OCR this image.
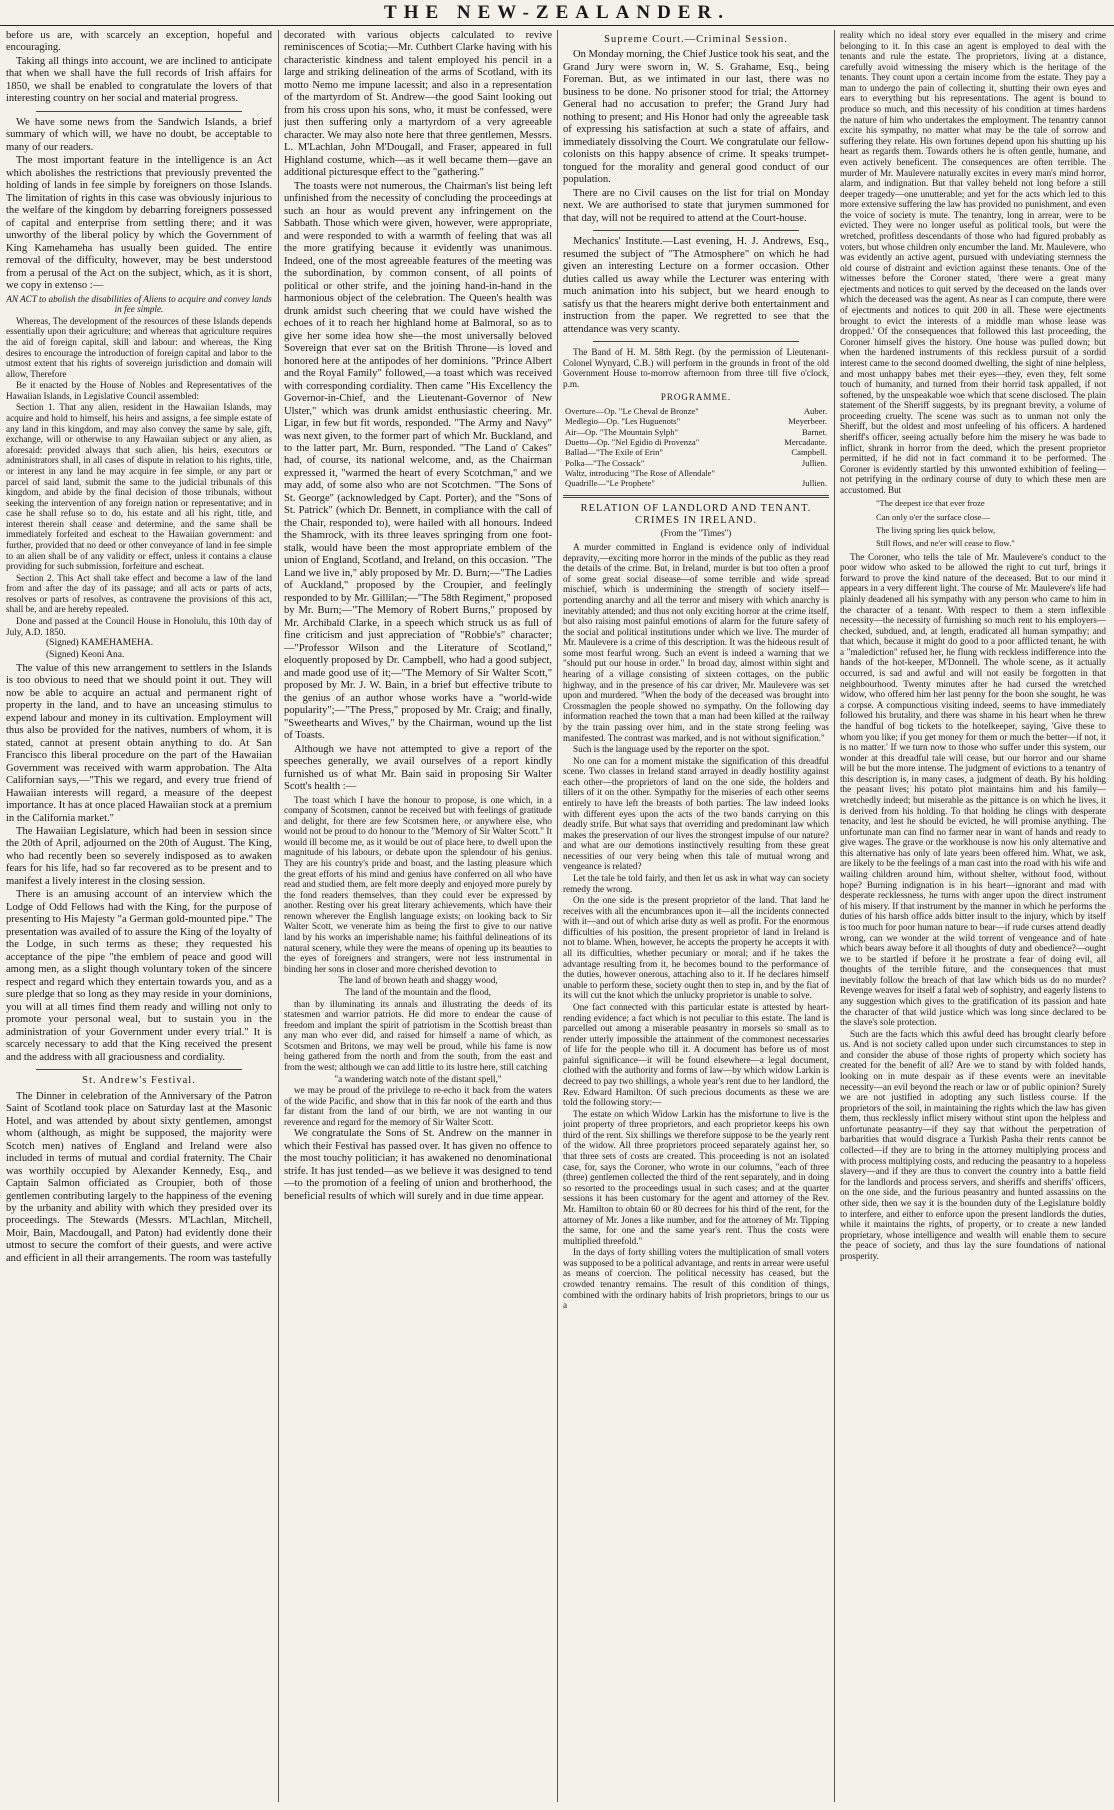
THE NEW-ZEALANDER.

before us are, with scarcely an exception, hopeful and encouraging.

Taking all things into account, we are inclined to anticipate that when we shall have the full records of Irish affairs for 1850, we shall be enabled to congratulate the lovers of that interesting country on her social and material progress.

We have some news from the Sandwich Islands, a brief summary of which will, we have no doubt, be acceptable to many of our readers.

The most important feature in the intelligence is an Act which abolishes the restrictions that previously prevented the holding of lands in fee simple by foreigners on those Islands. The limitation of rights in this case was obviously injurious to the welfare of the kingdom by debarring foreigners possessed of capital and enterprise from settling there; and it was unworthy of the liberal policy by which the Government of King Kamehameha has usually been guided. The entire removal of the difficulty, however, may be best understood from a perusal of the Act on the subject, which, as it is short, we copy in extenso :—

AN ACT to abolish the disabilities of Aliens to acquire and convey lands in fee simple.

Whereas, The development of the resources of these Islands depends essentially upon their agriculture; and whereas that agriculture requires the aid of foreign capital, skill and labour: and whereas, the King desires to encourage the introduction of foreign capital and labor to the utmost extent that his rights of sovereign jurisdiction and domain will allow, Therefore

Be it enacted by the House of Nobles and Representatives of the Hawaiian Islands, in Legislative Council assembled:

Section 1. That any alien, resident in the Hawaiian Islands, may acquire and hold to himself, his heirs and assigns, a fee simple estate of any land in this kingdom, and may also convey the same by sale, gift, exchange, will or otherwise to any Hawaiian subject or any alien, as aforesaid: provided always that such alien, his heirs, executors or administrators shall, in all cases of dispute in relation to his rights, title, or interest in any land he may acquire in fee simple, or any part or parcel of said land, submit the same to the judicial tribunals of this kingdom, and abide by the final decision of those tribunals, without seeking the intervention of any foreign nation or representative; and in case he shall refuse so to do, his estate and all his right, title, and interest therein shall cease and determine, and the same shall be immediately forfeited and escheat to the Hawaiian government: and further, provided that no deed or other conveyance of land in fee simple to an alien shall be of any validity or effect, unless it contains a clause providing for such submission, forfeiture and escheat.

Section 2. This Act shall take effect and become a law of the land from and after the day of its passage; and all acts or parts of acts, resolves or parts of resolves, as contravene the provisions of this act, shall be, and are hereby repealed.

Done and passed at the Council House in Honolulu, this 10th day of July, A.D. 1850.

(Signed) KAMEHAMEHA.

(Signed) Keoni Ana.

The value of this new arrangement to settlers in the Islands is too obvious to need that we should point it out. They will now be able to acquire an actual and permanent right of property in the land, and to have an unceasing stimulus to expend labour and money in its cultivation. Employment will thus also be provided for the natives, numbers of whom, it is stated, cannot at present obtain anything to do. At San Francisco this liberal procedure on the part of the Hawaiian Government was received with warm approbation. The Alta Californian says,—"This we regard, and every true friend of Hawaiian interests will regard, a measure of the deepest importance. It has at once placed Hawaiian stock at a premium in the California market."

The Hawaiian Legislature, which had been in session since the 20th of April, adjourned on the 20th of August. The King, who had recently been so severely indisposed as to awaken fears for his life, had so far recovered as to be present and to manifest a lively interest in the closing session.

There is an amusing account of an interview which the Lodge of Odd Fellows had with the King, for the purpose of presenting to His Majesty "a German gold-mounted pipe." The presentation was availed of to assure the King of the loyalty of the Lodge, in such terms as these; they requested his acceptance of the pipe "the emblem of peace and good will among men, as a slight though voluntary token of the sincere respect and regard which they entertain towards you, and as a sure pledge that so long as they may reside in your dominions, you will at all times find them ready and willing not only to promote your personal weal, but to sustain you in the administration of your Government under every trial." It is scarcely necessary to add that the King received the present and the address with all graciousness and cordiality.

St. Andrew's Festival.

The Dinner in celebration of the Anniversary of the Patron Saint of Scotland took place on Saturday last at the Masonic Hotel, and was attended by about sixty gentlemen, amongst whom (although, as might be supposed, the majority were Scotch men) natives of England and Ireland were also included in terms of mutual and cordial fraternity. The Chair was worthily occupied by Alexander Kennedy, Esq., and Captain Salmon officiated as Croupier, both of those gentlemen contributing largely to the happiness of the evening by the urbanity and ability with which they presided over its proceedings. The Stewards (Messrs. M'Lachlan, Mitchell, Moir, Bain, Macdougall, and Paton) had evidently done their utmost to secure the comfort of their guests, and were active and efficient in all their arrangements. The room was tastefully

decorated with various objects calculated to revive reminiscences of Scotia;—Mr. Cuthbert Clarke having with his characteristic kindness and talent employed his pencil in a large and striking delineation of the arms of Scotland, with its motto Nemo me impune lacessit; and also in a representation of the martyrdom of St. Andrew—the good Saint looking out from his cross upon his sons, who, it must be confessed, were just then suffering only a martyrdom of a very agreeable character. We may also note here that three gentlemen, Messrs. L. M'Lachlan, John M'Dougall, and Fraser, appeared in full Highland costume, which—as it well became them—gave an additional picturesque effect to the "gathering."

The toasts were not numerous, the Chairman's list being left unfinished from the necessity of concluding the proceedings at such an hour as would prevent any infringement on the Sabbath. Those which were given, however, were appropriate, and were responded to with a warmth of feeling that was all the more gratifying because it evidently was unanimous. Indeed, one of the most agreeable features of the meeting was the subordination, by common consent, of all points of political or other strife, and the joining hand-in-hand in the harmonious object of the celebration. The Queen's health was drunk amidst such cheering that we could have wished the echoes of it to reach her highland home at Balmoral, so as to give her some idea how she—the most universally beloved Sovereign that ever sat on the British Throne—is loved and honored here at the antipodes of her dominions. "Prince Albert and the Royal Family" followed,—a toast which was received with corresponding cordiality. Then came "His Excellency the Governor-in-Chief, and the Lieutenant-Governor of New Ulster," which was drunk amidst enthusiastic cheering. Mr. Ligar, in few but fit words, responded. "The Army and Navy" was next given, to the former part of which Mr. Buckland, and to the latter part, Mr. Burn, responded. "The Land o' Cakes" had, of course, its national welcome, and, as the Chairman expressed it, "warmed the heart of every Scotchman," and we may add, of some also who are not Scotchmen. "The Sons of St. George" (acknowledged by Capt. Porter), and the "Sons of St. Patrick" (which Dr. Bennett, in compliance with the call of the Chair, responded to), were hailed with all honours. Indeed the Shamrock, with its three leaves springing from one foot-stalk, would have been the most appropriate emblem of the union of England, Scotland, and Ireland, on this occasion. "The Land we live in," ably proposed by Mr. D. Burn;—"The Ladies of Auckland," proposed by the Croupier, and feelingly responded to by Mr. Gillilan;—"The 58th Regiment," proposed by Mr. Burn;—"The Memory of Robert Burns," proposed by Mr. Archibald Clarke, in a speech which struck us as full of fine criticism and just appreciation of "Robbie's" character;—"Professor Wilson and the Literature of Scotland," eloquently proposed by Dr. Campbell, who had a good subject, and made good use of it;—"The Memory of Sir Walter Scott," proposed by Mr. J. W. Bain, in a brief but effective tribute to the genius of an author whose works have a "world-wide popularity";—"The Press," proposed by Mr. Craig; and finally, "Sweethearts and Wives," by the Chairman, wound up the list of Toasts.

Although we have not attempted to give a report of the speeches generally, we avail ourselves of a report kindly furnished us of what Mr. Bain said in proposing Sir Walter Scott's health :—

The toast which I have the honour to propose, is one which, in a company of Scotsmen, cannot be received but with feelings of gratitude and delight, for there are few Scotsmen here, or anywhere else, who would not be proud to do honour to the "Memory of Sir Walter Scott." It would ill become me, as it would be out of place here, to dwell upon the magnitude of his labours, or debate upon the splendour of his genius. They are his country's pride and boast, and the lasting pleasure which the great efforts of his mind and genius have conferred on all who have read and studied them, are felt more deeply and enjoyed more purely by the fond readers themselves, than they could ever be expressed by another. Resting over his great literary achievements, which have their renown wherever the English language exists; on looking back to Sir Walter Scott, we venerate him as being the first to give to our native land by his works an imperishable name; his faithful delineations of its natural scenery, while they were the means of opening up its beauties to the eyes of foreigners and strangers, were not less instrumental in binding her sons in closer and more cherished devotion to

The land of brown heath and shaggy wood,

The land of the mountain and the flood,

than by illuminating its annals and illustrating the deeds of its statesmen and warrior patriots. He did more to endear the cause of freedom and implant the spirit of patriotism in the Scottish breast than any man who ever did, and raised for himself a name of which, as Scotsmen and Britons, we may well be proud, while his fame is now being gathered from the north and from the south, from the east and from the west; although we can add little to its lustre here, still catching

"a wandering watch note of the distant spell,"

we may be proud of the privilege to re-echo it back from the waters of the wide Pacific, and show that in this far nook of the earth and thus far distant from the land of our birth, we are not wanting in our reverence and regard for the memory of Sir Walter Scott.

We congratulate the Sons of St. Andrew on the manner in which their Festival has passed over. It has given no offence to the most touchy politician; it has awakened no denominational strife. It has just tended—as we believe it was designed to tend—to the promotion of a feeling of union and brotherhood, the beneficial results of which will surely and in due time appear.

Supreme Court.—Criminal Session.

On Monday morning, the Chief Justice took his seat, and the Grand Jury were sworn in, W. S. Grahame, Esq., being Foreman. But, as we intimated in our last, there was no business to be done. No prisoner stood for trial; the Attorney General had no accusation to prefer; the Grand Jury had nothing to present; and His Honor had only the agreeable task of expressing his satisfaction at such a state of affairs, and immediately dissolving the Court. We congratulate our fellow-colonists on this happy absence of crime. It speaks trumpet-tongued for the morality and general good conduct of our population.

There are no Civil causes on the list for trial on Monday next. We are authorised to state that jurymen summoned for that day, will not be required to attend at the Court-house.

Mechanics' Institute.—Last evening, H. J. Andrews, Esq., resumed the subject of "The Atmosphere" on which he had given an interesting Lecture on a former occasion. Other duties called us away while the Lecturer was entering with much animation into his subject, but we heard enough to satisfy us that the hearers might derive both entertainment and instruction from the paper. We regretted to see that the attendance was very scanty.

The Band of H. M. 58th Regt. (by the permission of Lieutenant-Colonel Wynyard, C.B.) will perform in the grounds in front of the old Government House to-morrow afternoon from three till five o'clock, p.m.

PROGRAMME.

Overture—Op. "Le Cheval de Bronze"	Auber.
Medlegio—Op. "Les Huguenots"	Meyerbeer.
Air—Op. "The Mountain Sylph"	Barnet.
Duetto—Op. "Nel Egidio di Provenza"	Mercadante.
Ballad—"The Exile of Erin"	Campbell.
Polka—"The Cossack"	Jullien.
Waltz, introducing "The Rose of Allendale"	
Quadrille—"Le Prophete"	Jullien.

RELATION OF LANDLORD AND TENANT. CRIMES IN IRELAND.

(From the "Times")

A murder committed in England is evidence only of individual depravity,—exciting more horror in the minds of the public as they read the details of the crime. But, in Ireland, murder is but too often a proof of some great social disease—of some terrible and wide spread mischief, which is undermining the strength of society itself—portending anarchy and all the terror and misery with which anarchy is inevitably attended; and thus not only exciting horror at the crime itself, but also raising most painful emotions of alarm for the future safety of the social and political institutions under which we live. The murder of Mr. Maulevere is a crime of this description. It was the hideous result of some most fearful wrong. Such an event is indeed a warning that we "should put our house in order." In broad day, almost within sight and hearing of a village consisting of sixteen cottages, on the public highway, and in the presence of his car driver, Mr. Maulevere was set upon and murdered. "When the body of the deceased was brought into Crossmaglen the people showed no sympathy. On the following day information reached the town that a man had been killed at the railway by the train passing over him, and in the state strong feeling was manifested. The contrast was marked, and is not without signification."

Such is the language used by the reporter on the spot.

No one can for a moment mistake the signification of this dreadful scene. Two classes in Ireland stand arrayed in deadly hostility against each other—the proprietors of land on the one side, the holders and tillers of it on the other. Sympathy for the miseries of each other seems entirely to have left the breasts of both parties. The law indeed looks with different eyes upon the acts of the two bands carrying on this deadly strife. But what says that overriding and predominant law which makes the preservation of our lives the strongest impulse of our nature? and what are our demotions instinctively resulting from these great necessities of our very being when this tale of mutual wrong and vengeance is related?

Let the tale be told fairly, and then let us ask in what way can society remedy the wrong.

On the one side is the present proprietor of the land. That land he receives with all the encumbrances upon it—all the incidents connected with it—and out of which arise duty as well as profit. For the enormous difficulties of his position, the present proprietor of land in Ireland is not to blame. When, however, he accepts the property he accepts it with all its difficulties, whether pecuniary or moral; and if he takes the advantage resulting from it, he becomes bound to the performance of the duties, however onerous, attaching also to it. If he declares himself unable to perform these, society ought then to step in, and by the fiat of its will cut the knot which the unlucky proprietor is unable to solve.

One fact connected with this particular estate is attested by heart-rending evidence; a fact which is not peculiar to this estate. The land is parcelled out among a miserable peasantry in morsels so small as to render utterly impossible the attainment of the commonest necessaries of life for the people who till it. A document has before us of most painful significance—it will be found elsewhere—a legal document, clothed with the authority and forms of law—by which widow Larkin is decreed to pay two shillings, a whole year's rent due to her landlord, the Rev. Edward Hamilton. Of such precious documents as these we are told the following story:—

The estate on which Widow Larkin has the misfortune to live is the joint property of three proprietors, and each proprietor keeps his own third of the rent. Six shillings we therefore suppose to be the yearly rent of the widow. All three proprietors proceed separately against her, so that three sets of costs are created. This proceeding is not an isolated case, for, says the Coroner, who wrote in our columns, "each of three (three) gentlemen collected the third of the rent separately, and in doing so resorted to the proceedings usual in such cases; and at the quarter sessions it has been customary for the agent and attorney of the Rev. Mr. Hamilton to obtain 60 or 80 decrees for his third of the rent, for the attorney of Mr. Jones a like number, and for the attorney of Mr. Tipping the same, for one and the same year's rent. Thus the costs were multiplied threefold."

In the days of forty shilling voters the multiplication of small voters was supposed to be a political advantage, and rents in arrear were useful as means of coercion. The political necessity has ceased, but the crowded tenantry remains. The result of this condition of things, combined with the ordinary habits of Irish proprietors, brings to our us a

reality which no ideal story ever equalled in the misery and crime belonging to it. In this case an agent is employed to deal with the tenants and rule the estate. The proprietors, living at a distance, carefully avoid witnessing the misery which is the heritage of the tenants. They count upon a certain income from the estate. They pay a man to undergo the pain of collecting it, shutting their own eyes and ears to everything but his representations. The agent is bound to produce so much, and this necessity of his condition at times hardens the nature of him who undertakes the employment. The tenantry cannot excite his sympathy, no matter what may be the tale of sorrow and suffering they relate. His own fortunes depend upon his shutting up his heart as regards them. Towards others he is often gentle, humane, and even actively beneficent. The consequences are often terrible. The murder of Mr. Maulevere naturally excites in every man's mind horror, alarm, and indignation. But that valley beheld not long before a still deeper tragedy—one unutterable; and yet for the acts which led to this more extensive suffering the law has provided no punishment, and even the voice of society is mute. The tenantry, long in arrear, were to be evicted. They were no longer useful as political tools, but were the wretched, profitless descendants of those who had figured probably as voters, but whose children only encumber the land. Mr. Maulevere, who was evidently an active agent, pursued with undeviating sternness the old course of distraint and eviction against these tenants. One of the witnesses before the Coroner stated, 'there were a great many ejectments and notices to quit served by the deceased on the lands over which the deceased was the agent. As near as I can compute, there were of ejectments and notices to quit 200 in all. These were ejectments brought to evict the interests of a middle man whose lease was dropped.' Of the consequences that followed this last proceeding, the Coroner himself gives the history. One house was pulled down; but when the hardened instruments of this reckless pursuit of a sordid interest came to the second doomed dwelling, the sight of nine helpless, and most unhappy babes met their eyes—they, even they, felt some touch of humanity, and turned from their horrid task appalled, if not softened, by the unspeakable woe which that scene disclosed. The plain statement of the Sheriff suggests, by its pregnant brevity, a volume of proceeding cruelty. The scene was such as to unman not only the Sheriff, but the oldest and most unfeeling of his officers. A hardened sheriff's officer, seeing actually before him the misery he was bade to inflict, shrank in horror from the deed, which the present proprietor permitted, if he did not in fact command it to be performed. The Coroner is evidently startled by this unwonted exhibition of feeling—not petrifying in the ordinary course of duty to which these men are accustomed. But

"The deepest ice that ever froze

Can only o'er the surface close—

The living spring lies quick below,

Still flows, and ne'er will cease to flow."

The Coroner, who tells the tale of Mr. Maulevere's conduct to the poor widow who asked to be allowed the right to cut turf, brings it forward to prove the kind nature of the deceased. But to our mind it appears in a very different light. The course of Mr. Maulevere's life had plainly deadened all his sympathy with any person who came to him in the character of a tenant. With respect to them a stern inflexible necessity—the necessity of furnishing so much rent to his employers—checked, subdued, and, at length, eradicated all human sympathy; and that which, because it might do good to a poor afflicted tenant, he with a "malediction" refused her, he flung with reckless indifference into the hands of the hot-keeper, M'Donnell. The whole scene, as it actually occurred, is sad and awful and will not easily be forgotten in that neighbourhood. Twenty minutes after he had cursed the wretched widow, who offered him her last penny for the boon she sought, he was a corpse. A compunctious visiting indeed, seems to have immediately followed his brutality, and there was shame in his heart when he threw the handful of bog tickets to the hotelkeeper, saying, 'Give these to whom you like; if you get money for them or much the better—if not, it is no matter.' If we turn now to those who suffer under this system, our wonder at this dreadful tale will cease, but our horror and our shame will be but the more intense. The judgment of evictions to a tenantry of this description is, in many cases, a judgment of death. By his holding the peasant lives; his potato plot maintains him and his family—wretchedly indeed; but miserable as the pittance is on which he lives, it is derived from his holding. To that holding he clings with desperate tenacity, and lest he should be evicted, he will promise anything. The unfortunate man can find no farmer near in want of hands and ready to give wages. The grave or the workhouse is now his only alternative and this alternative has only of late years been offered him. What, we ask, are likely to be the feelings of a man cast into the road with his wife and wailing children around him, without shelter, without food, without hope? Burning indignation is in his heart—ignorant and mad with desperate recklessness, he turns with anger upon the direct instrument of his misery. If that instrument by the manner in which he performs the duties of his harsh office adds bitter insult to the injury, which by itself is too much for poor human nature to bear—if rude curses attend deadly wrong, can we wonder at the wild torrent of vengeance and of hate which bears away before it all thoughts of duty and obedience?—ought we to be startled if before it he prostrate a fear of doing evil, all thoughts of the terrible future, and the consequences that must inevitably follow the breach of that law which bids us do no murder? Revenge weaves for itself a fatal web of sophistry, and eagerly listens to any suggestion which gives to the gratification of its passion and hate the character of that wild justice which was long since declared to be the slave's sole protection.

Such are the facts which this awful deed has brought clearly before us. And is not society called upon under such circumstances to step in and consider the abuse of those rights of property which society has created for the benefit of all? Are we to stand by with folded hands, looking on in mute despair as if these events were an inevitable necessity—an evil beyond the reach or law or of public opinion? Surely we are not justified in adopting any such listless course. If the proprietors of the soil, in maintaining the rights which the law has given them, thus recklessly inflict misery without stint upon the helpless and unfortunate peasantry—if they say that without the perpetration of barbarities that would disgrace a Turkish Pasha their rents cannot be collected—if they are to bring in the attorney multiplying process and with process multiplying costs, and reducing the peasantry to a hopeless slavery—and if they are thus to convert the country into a battle field for the landlords and process servers, and sheriffs and sheriffs' officers, on the one side, and the furious peasantry and hunted assassins on the other side, then we say it is the bounden duty of the Legislature boldly to interfere, and either to enforce upon the present landlords the duties, while it maintains the rights, of property, or to create a new landed proprietary, whose intelligence and wealth will enable them to secure the peace of society, and thus lay the sure foundations of national prosperity.
